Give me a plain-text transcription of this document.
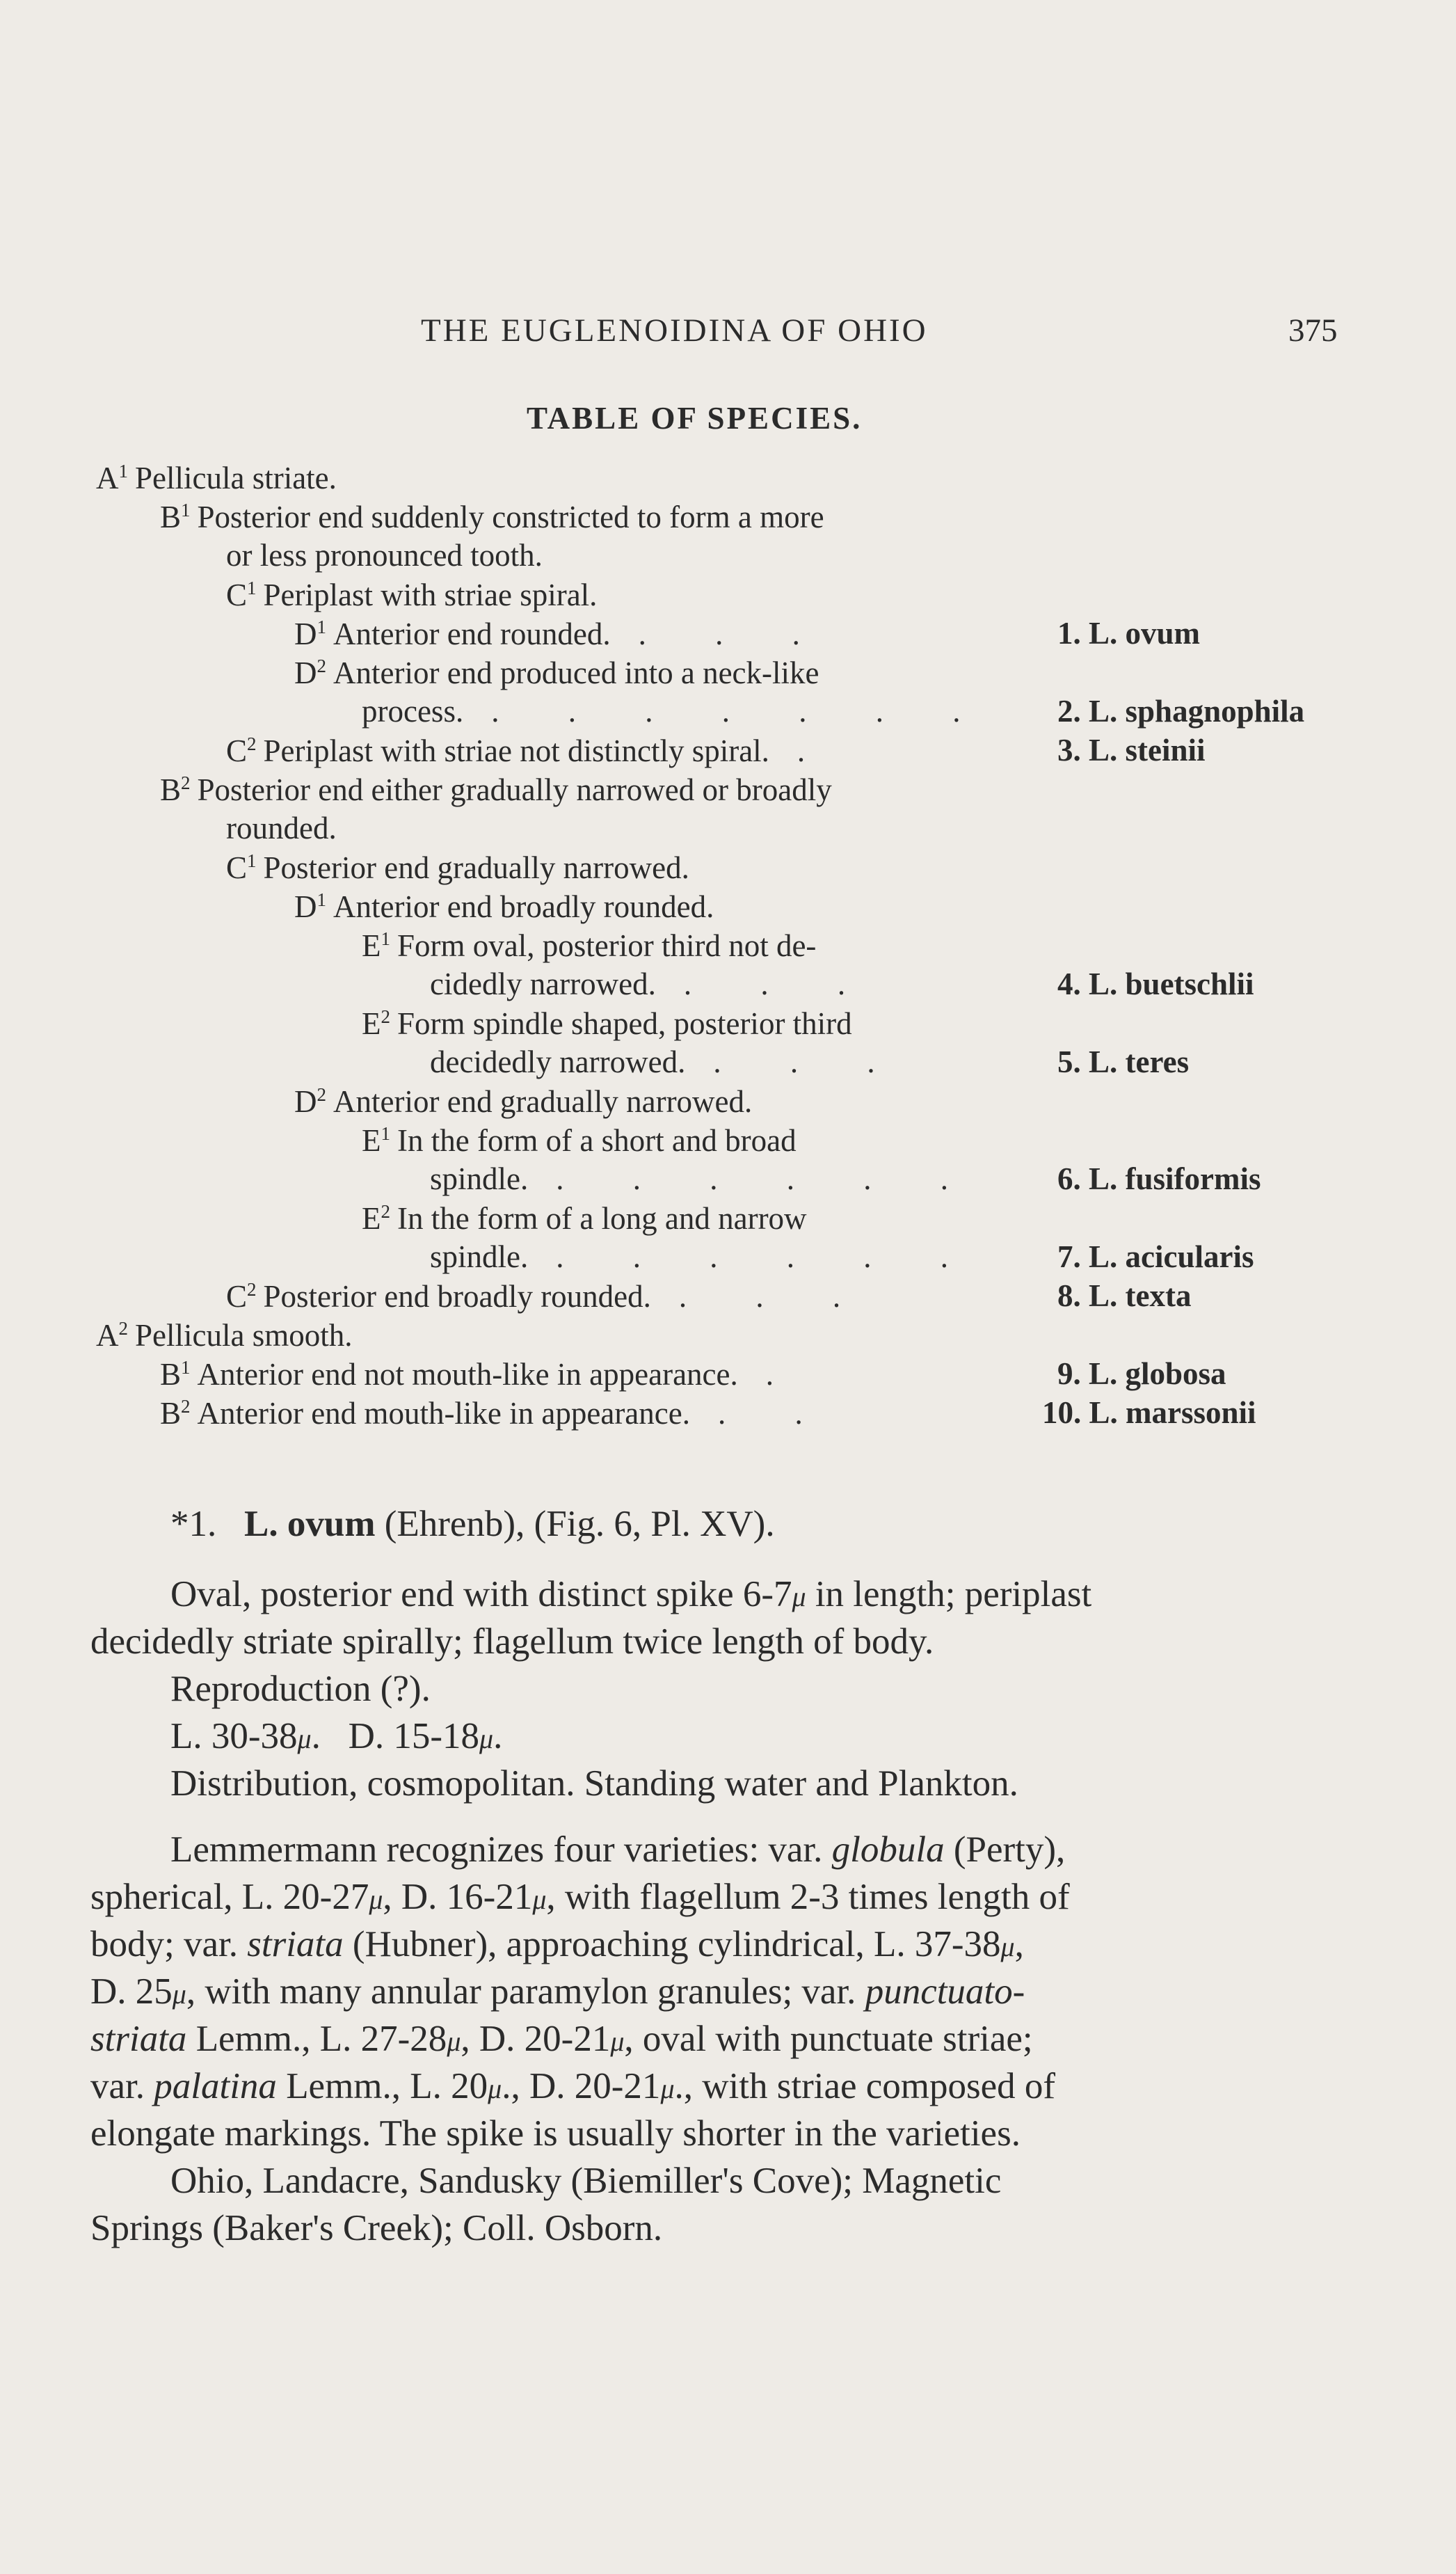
THE EUGLENOIDINA OF OHIO	375
TABLE OF SPECIES.
$A^1$ Pellicula striate.
$B^1$ Posterior end suddenly constricted to form a more
or less pronounced tooth.
$C^1$ Periplast with striae spiral.
$D^1$ Anterior end rounded. . . .
$D^2$ Anterior end produced into a neck-like
process. . . . . . . .
$C^2$ Periplast with striae not distinctly spiral. .
$B^2$ Posterior end either gradually narrowed or broadly
rounded.
$C^1$ Posterior end gradually narrowed.
$D^1$ Anterior end broadly rounded.
$E^1$ Form oval, posterior third not de-
cidedly narrowed. . . .
$E^2$ Form spindle shaped, posterior third
decidedly narrowed. . . .
$D^2$ Anterior end gradually narrowed.
$E^1$ In the form of a short and broad
spindle. . . . . . .
$E^2$ In the form of a long and narrow
spindle. . . . . . .
$C^2$ Posterior end broadly rounded. . . .
$A^2$ Pellicula smooth.
$B^1$ Anterior end not mouth-like in appearance. .
$B^2$ Anterior end mouth-like in appearance. . .
1. L. ovum
2. L. sphagnophila
3. L. steinii
4. L. buetschlii
5. L. teres
6. L. fusiformis
7. L. acicularis
8. L. texta
9. L. globosa
10. L. marssonii
*1. L. ovum (Ehrenb), (Fig. 6, Pl. XV).
Oval, posterior end with distinct spike 6-7μ in length; periplast
decidedly striate spirally; flagellum twice length of body.
Reproduction (?).
L. 30-38μ.   D. 15-18μ.
Distribution, cosmopolitan. Standing water and Plankton.
Lemmermann recognizes four varieties: var. globula (Perty),
spherical, L. 20-27μ, D. 16-21μ, with flagellum 2-3 times length of
body; var. striata (Hubner), approaching cylindrical, L. 37-38μ,
D. 25μ, with many annular paramylon granules; var. punctuato-
striata Lemm., L. 27-28μ, D. 20-21μ, oval with punctuate striae;
var. palatina Lemm., L. 20μ., D. 20-21μ., with striae composed of
elongate markings. The spike is usually shorter in the varieties.
Ohio, Landacre, Sandusky (Biemiller's Cove); Magnetic
Springs (Baker's Creek); Coll. Osborn.
